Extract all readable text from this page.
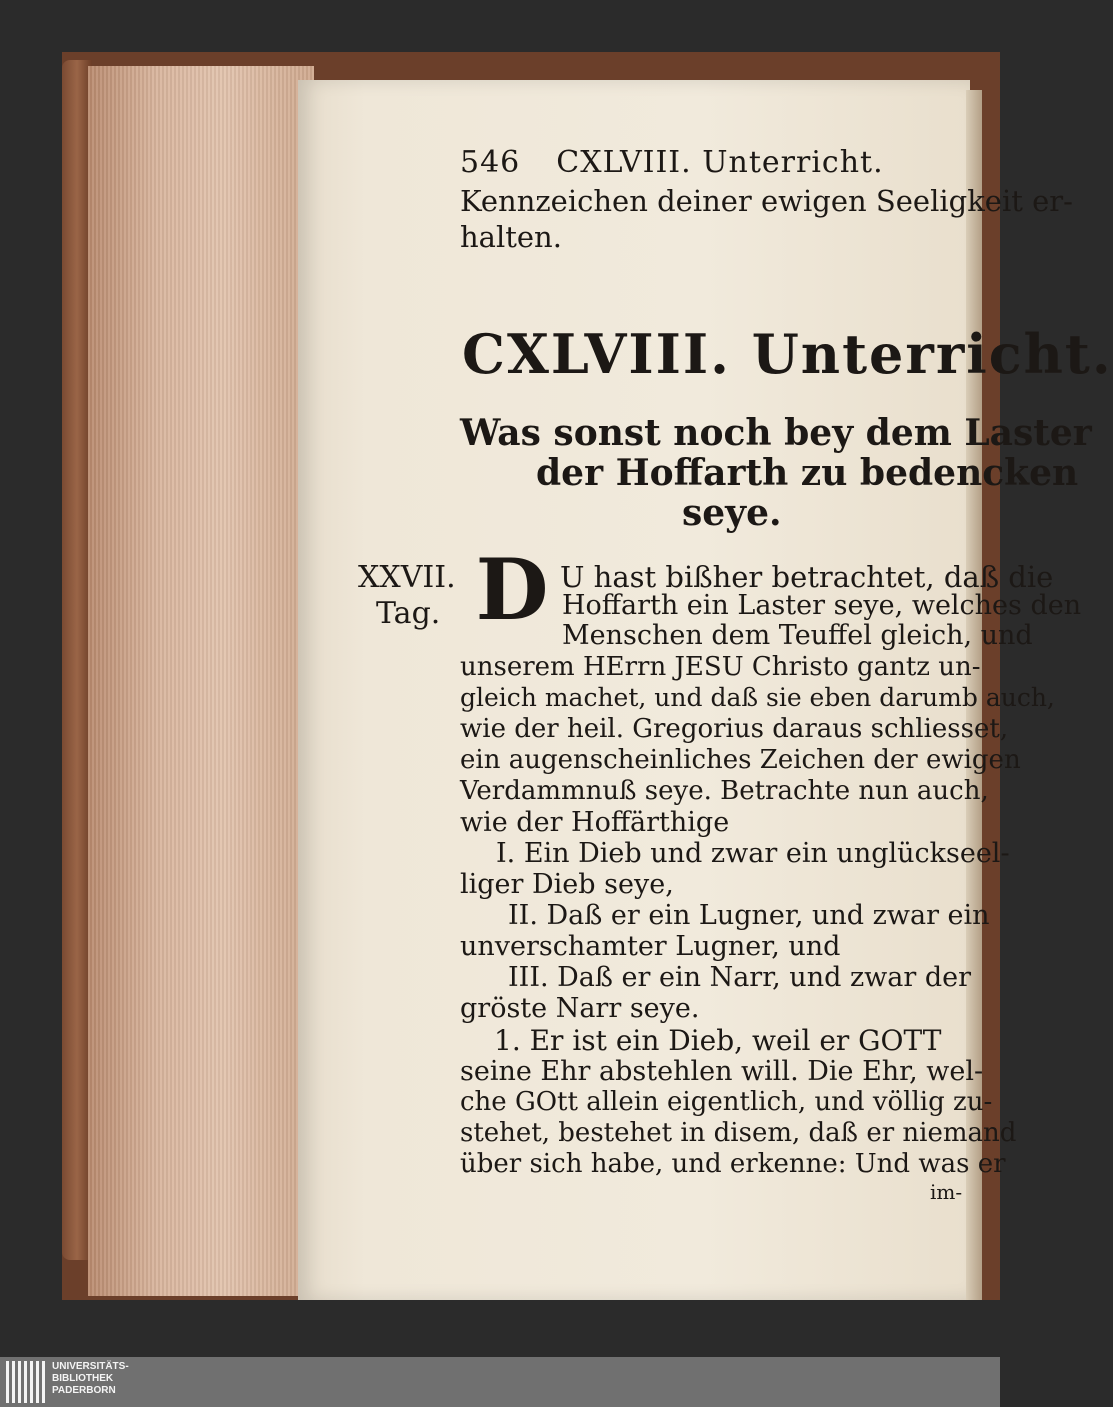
546 CXLVIII. Unterricht.
Kennzeichen deiner ewigen Seeligkeit er-
halten.
CXLVIII. Unterricht.
Was sonst noch bey dem Laster
der Hoffarth zu bedencken
seye.
XXVII.
Tag. D U hast bißher betrachtet, daß die
Hoffarth ein Laster seye, welches den
Menschen dem Teuffel gleich, und
unserem HErrn JESU Christo gantz un-
gleich machet, und daß sie eben darumb auch,
wie der heil. Gregorius daraus schliesset,
ein augenscheinliches Zeichen der ewigen
Verdammnuß seye. Betrachte nun auch,
wie der Hoffärthige
I. Ein Dieb und zwar ein unglückseel-
liger Dieb seye,
II. Daß er ein Lugner, und zwar ein
unverschamter Lugner, und
III. Daß er ein Narr, und zwar der
gröste Narr seye.
1. Er ist ein Dieb, weil er GOTT
seine Ehr abstehlen will. Die Ehr, wel-
che GOtt allein eigentlich, und völlig zu-
stehet, bestehet in disem, daß er niemand
über sich habe, und erkenne: Und was er
im-
UNIVERSITÄTS-
BIBLIOTHEK
PADERBORN
